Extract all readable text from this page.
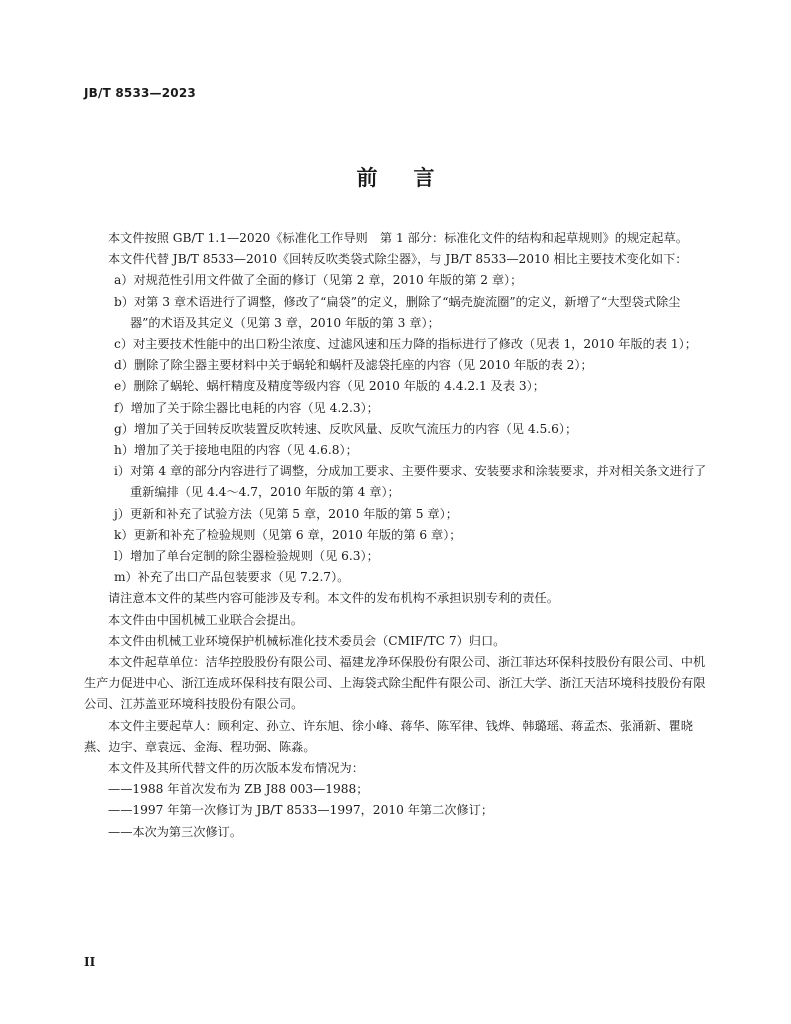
JB/T 8533—2023
前 言

本文件按照 GB/T 1.1—2020《标准化工作导则　第 1 部分：标准化文件的结构和起草规则》的规定起草。

本文件代替 JB/T 8533—2010《回转反吹类袋式除尘器》，与 JB/T 8533—2010 相比主要技术变化如下：

a）对规范性引用文件做了全面的修订（见第 2 章，2010 年版的第 2 章）；

b）对第 3 章术语进行了调整，修改了“扁袋”的定义，删除了“蜗壳旋流圈”的定义，新增了“大型袋式除尘器”的术语及其定义（见第 3 章，2010 年版的第 3 章）；

c）对主要技术性能中的出口粉尘浓度、过滤风速和压力降的指标进行了修改（见表 1，2010 年版的表 1）；

d）删除了除尘器主要材料中关于蜗轮和蜗杆及滤袋托座的内容（见 2010 年版的表 2）；

e）删除了蜗轮、蜗杆精度及精度等级内容（见 2010 年版的 4.4.2.1 及表 3）；

f）增加了关于除尘器比电耗的内容（见 4.2.3）；

g）增加了关于回转反吹装置反吹转速、反吹风量、反吹气流压力的内容（见 4.5.6）；

h）增加了关于接地电阻的内容（见 4.6.8）；

i）对第 4 章的部分内容进行了调整，分成加工要求、主要件要求、安装要求和涂装要求，并对相关条文进行了重新编排（见 4.4～4.7，2010 年版的第 4 章）；

j）更新和补充了试验方法（见第 5 章，2010 年版的第 5 章）；

k）更新和补充了检验规则（见第 6 章，2010 年版的第 6 章）；

l）增加了单台定制的除尘器检验规则（见 6.3）；

m）补充了出口产品包装要求（见 7.2.7）。

请注意本文件的某些内容可能涉及专利。本文件的发布机构不承担识别专利的责任。

本文件由中国机械工业联合会提出。

本文件由机械工业环境保护机械标准化技术委员会（CMIF/TC 7）归口。

本文件起草单位：洁华控股股份有限公司、福建龙净环保股份有限公司、浙江菲达环保科技股份有限公司、中机生产力促进中心、浙江连成环保科技有限公司、上海袋式除尘配件有限公司、浙江大学、浙江天洁环境科技股份有限公司、江苏盖亚环境科技股份有限公司。

本文件主要起草人：顾利定、孙立、许东旭、徐小峰、蒋华、陈军律、钱烨、韩璐瑶、蒋孟杰、张涌新、瞿晓燕、边宇、章袁远、金海、程功弼、陈淼。

本文件及其所代替文件的历次版本发布情况为：

——1988 年首次发布为 ZB J88 003—1988；

——1997 年第一次修订为 JB/T 8533—1997，2010 年第二次修订；

——本次为第三次修订。

II
